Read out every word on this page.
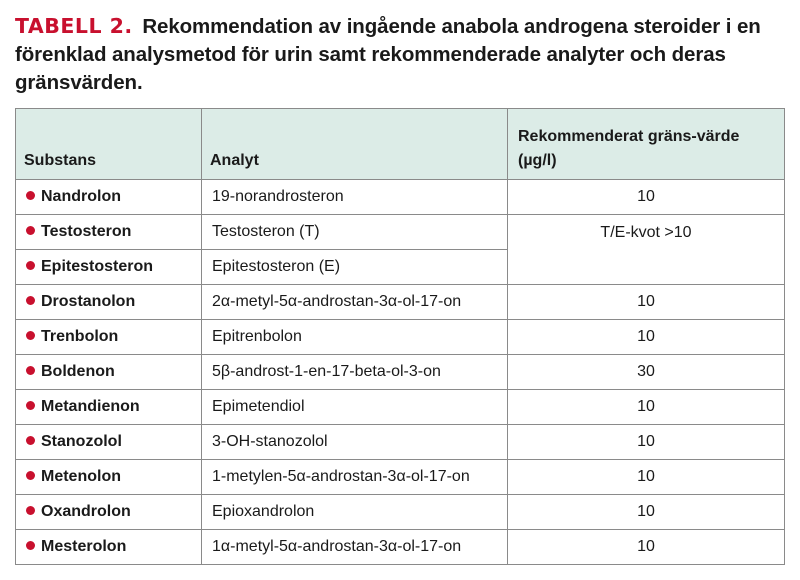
TABELL 2. Rekommendation av ingående anabola androgena steroider i en förenklad analysmetod för urin samt rekommenderade analyter och deras gränsvärden.
Substans	Analyt	Rekommenderat gräns-värde (µg/l)
Nandrolon	19-norandrosteron	10
Testosteron	Testosteron (T)	T/E-kvot >10
Epitestosteron	Epitestosteron (E)	
Drostanolon	2α-metyl-5α-androstan-3α-ol-17-on	10
Trenbolon	Epitrenbolon	10
Boldenon	5β-androst-1-en-17-beta-ol-3-on	30
Metandienon	Epimetendiol	10
Stanozolol	3-OH-stanozolol	10
Metenolon	1-metylen-5α-androstan-3α-ol-17-on	10
Oxandrolon	Epioxandrolon	10
Mesterolon	1α-metyl-5α-androstan-3α-ol-17-on	10
